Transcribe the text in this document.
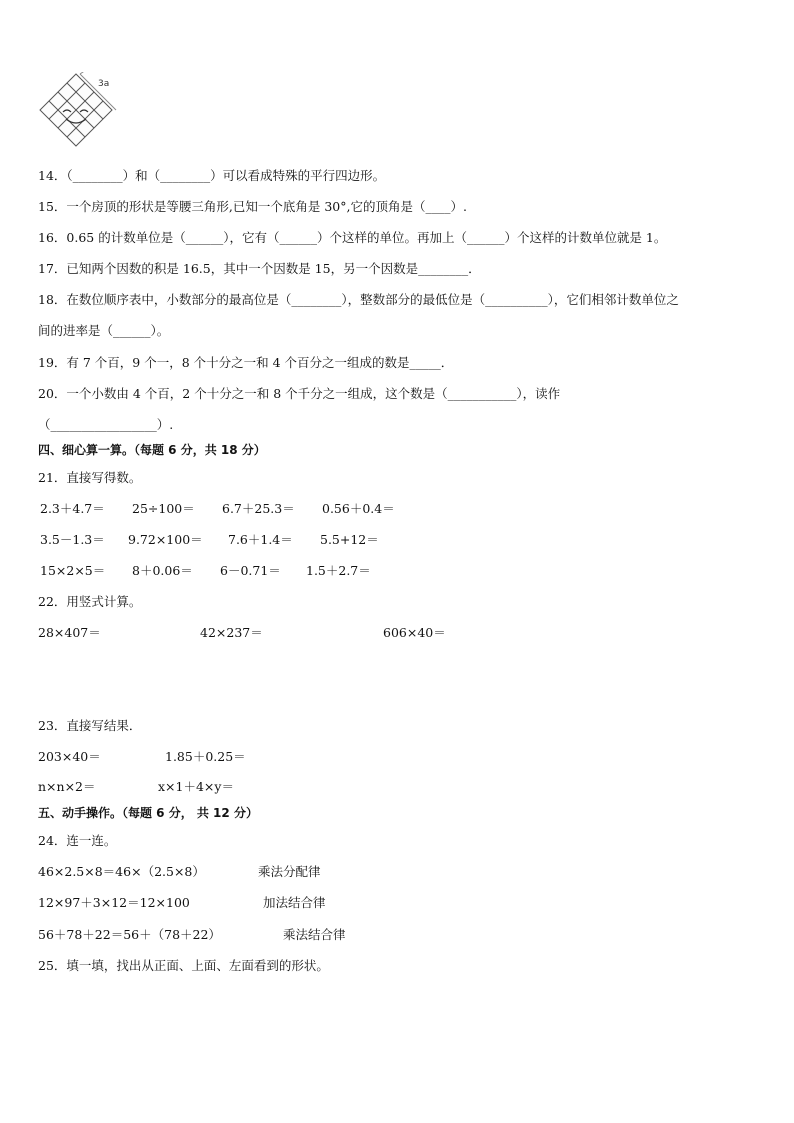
3a
14．（________）和（________）可以看成特殊的平行四边形。
15．一个房顶的形状是等腰三角形,已知一个底角是 30°,它的顶角是（____）.
16．0.65 的计数单位是（______），它有（______）个这样的单位。再加上（______）个这样的计数单位就是 1。
17．已知两个因数的积是 16.5，其中一个因数是 15，另一个因数是________．
18．在数位顺序表中，小数部分的最高位是（________），整数部分的最低位是（__________），它们相邻计数单位之
间的进率是（______）。
19．有 7 个百，9 个一，8 个十分之一和 4 个百分之一组成的数是_____．
20．一个小数由 4 个百，2 个十分之一和 8 个千分之一组成，这个数是（___________），读作
（_________________）.
四、细心算一算。（每题 6 分，共 18 分）
21．直接写得数。
2.3＋4.7＝ 25÷100＝ 6.7＋25.3＝ 0.56＋0.4＝
3.5－1.3＝ 9.72×100＝ 7.6＋1.4＝ 5.5+12＝
15×2×5＝ 8＋0.06＝ 6－0.71＝ 1.5＋2.7＝
22．用竖式计算。
28×407＝	42×237＝	606×40＝
23．直接写结果．
203×40＝	1.85＋0.25＝
n×n×2＝	x×1＋4×y＝
五、动手操作。（每题 6 分， 共 12 分）
24．连一连。
46×2.5×8＝46×（2.5×8）	乘法分配律
12×97＋3×12＝12×100	加法结合律
56＋78＋22＝56＋（78＋22）	乘法结合律
25．填一填，找出从正面、上面、左面看到的形状。
